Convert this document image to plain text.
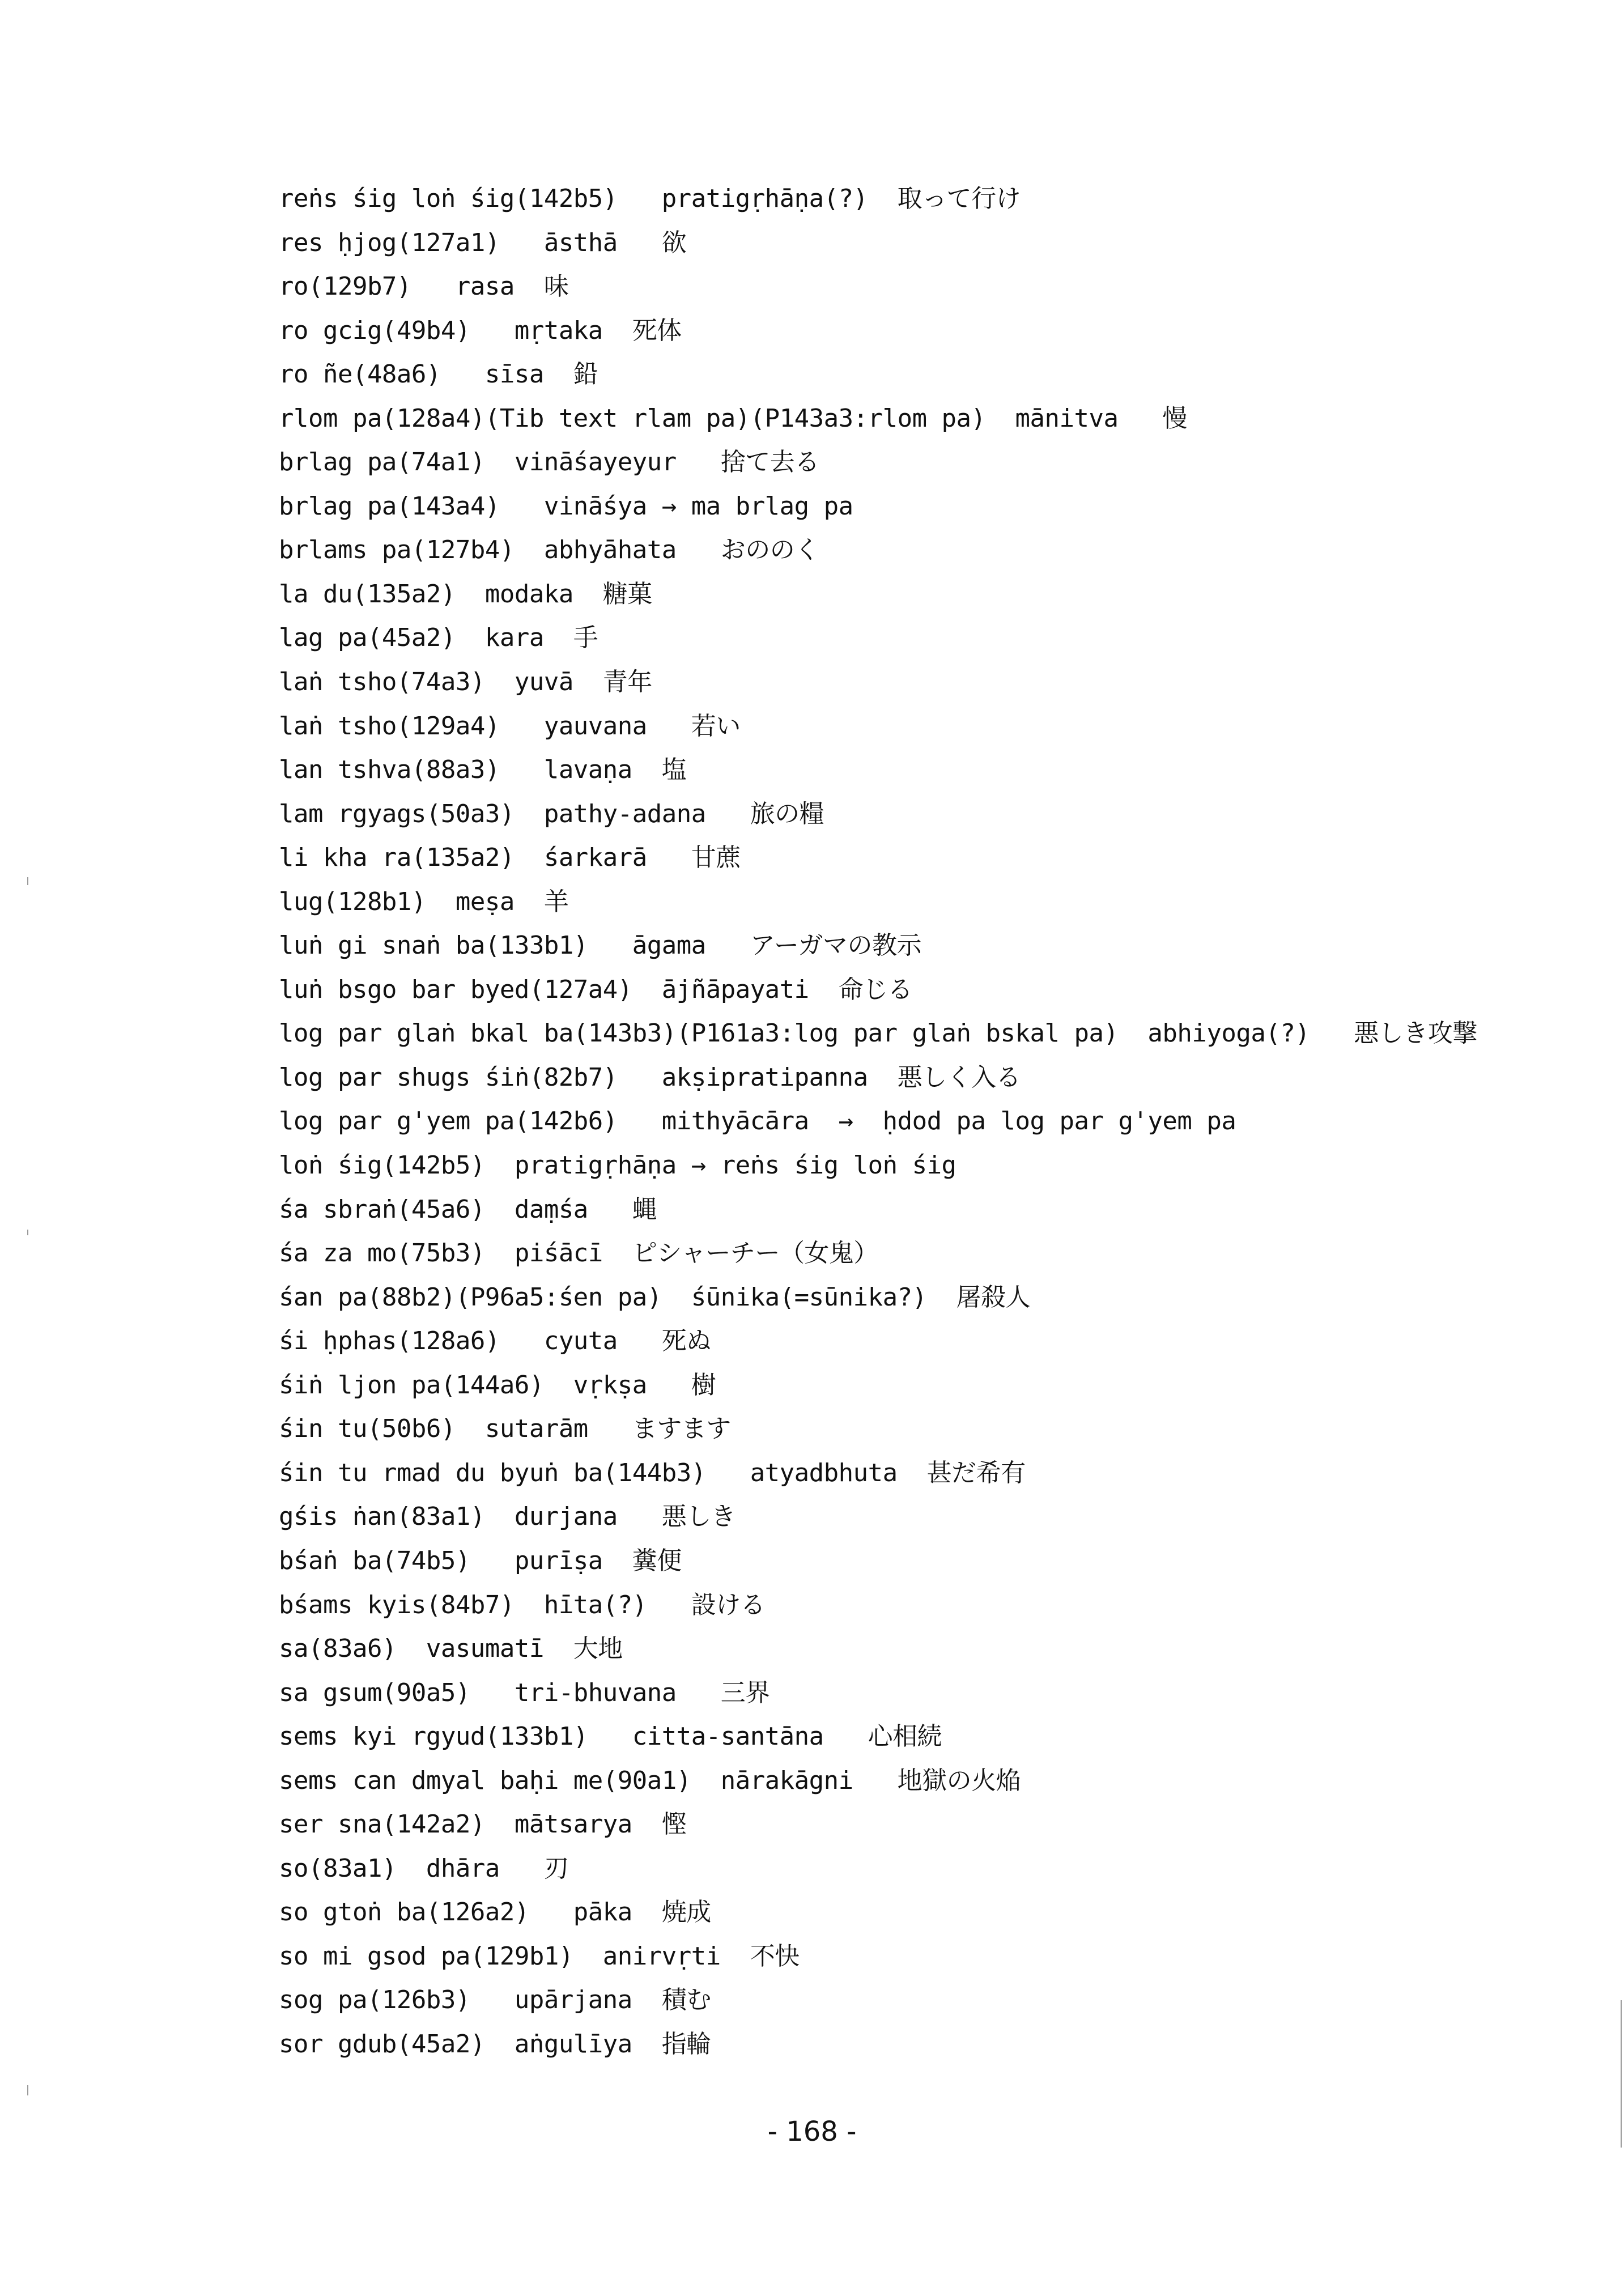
reṅs śig loṅ śig(142b5)   pratigṛhāṇa(?)  取って行け
res ḥjog(127a1)   āsthā   欲
ro(129b7)   rasa  味
ro gcig(49b4)   mṛtaka  死体
ro ñe(48a6)   sīsa  鉛
rlom pa(128a4)(Tib text rlam pa)(P143a3:rlom pa)  mānitva   慢
brlag pa(74a1)  vināśayeyur   捨て去る
brlag pa(143a4)   vināśya → ma brlag pa
brlams pa(127b4)  abhyāhata   おののく
la du(135a2)  modaka  糖菓
lag pa(45a2)  kara  手
laṅ tsho(74a3)  yuvā  青年
laṅ tsho(129a4)   yauvana   若い
lan tshva(88a3)   lavaṇa  塩
lam rgyags(50a3)  pathy-adana   旅の糧
li kha ra(135a2)  śarkarā   甘蔗
lug(128b1)  meṣa  羊
luṅ gi snaṅ ba(133b1)   āgama   アーガマの教示
luṅ bsgo bar byed(127a4)  ājñāpayati  命じる
log par glaṅ bkal ba(143b3)(P161a3:log par glaṅ bskal pa)  abhiyoga(?)   悪しき攻撃
log par shugs śiṅ(82b7)   akṣipratipanna  悪しく入る
log par g'yem pa(142b6)   mithyācāra  →  ḥdod pa log par g'yem pa
loṅ śig(142b5)  pratigṛhāṇa → reṅs śig loṅ śig
śa sbraṅ(45a6)  daṃśa   蝿
śa za mo(75b3)  piśācī  ピシャーチー（女鬼）
śan pa(88b2)(P96a5:śen pa)  śūnika(=sūnika?)  屠殺人
śi ḥphas(128a6)   cyuta   死ぬ
śiṅ ljon pa(144a6)  vṛkṣa   樹
śin tu(50b6)  sutarām   ますます
śin tu rmad du byuṅ ba(144b3)   atyadbhuta  甚だ希有
gśis ṅan(83a1)  durjana   悪しき
bśaṅ ba(74b5)   purīṣa  糞便
bśams kyis(84b7)  hīta(?)   設ける
sa(83a6)  vasumatī  大地
sa gsum(90a5)   tri-bhuvana   三界
sems kyi rgyud(133b1)   citta-santāna   心相続
sems can dmyal baḥi me(90a1)  nārakāgni   地獄の火焔
ser sna(142a2)  mātsarya  慳
so(83a1)  dhāra   刃
so gtoṅ ba(126a2)   pāka  焼成
so mi gsod pa(129b1)  anirvṛti  不快
sog pa(126b3)   upārjana  積む
sor gdub(45a2)  aṅgulīya  指輪
- 168 -
